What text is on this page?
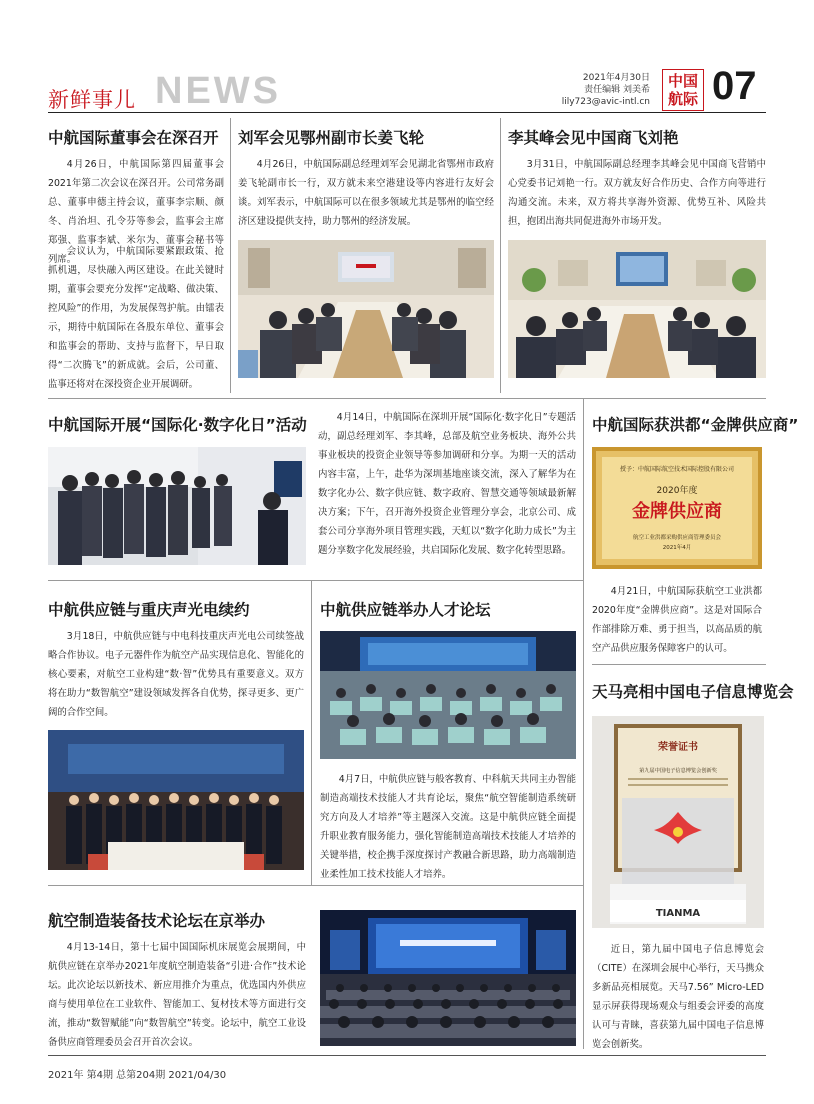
新鲜事儿 NEWS	2021年4月30日
责任编辑 刘美希
lily723@avic-intl.cn
中国
航际 07
中航国际董事会在深召开
4月26日，中航国际第四届董事会2021年第二次会议在深召开。公司常务副总、董事申德主持会议，董事李宗顺、颜冬、肖治坦、孔令芬等参会，监事会主席郑强、监事李斌、米尔为、董事会秘书等列席。
会议认为，中航国际要紧跟政策、抢抓机遇，尽快融入两区建设。在此关键时期，董事会要充分发挥“定战略、做决策、控风险”的作用，为发展保驾护航。由镭表示，期待中航国际在各股东单位、董事会和监事会的帮助、支持与监督下，早日取得“二次腾飞”的新成就。会后，公司董、监事还将对在深投资企业开展调研。
刘军会见鄂州副市长姜飞轮
4月26日，中航国际副总经理刘军会见湖北省鄂州市政府姜飞轮副市长一行，双方就未来空港建设等内容进行友好会谈。刘军表示，中航国际可以在很多领域尤其是鄂州的临空经济区建设提供支持，助力鄂州的经济发展。
李其峰会见中国商飞刘艳
3月31日，中航国际副总经理李其峰会见中国商飞营销中心党委书记刘艳一行。双方就友好合作历史、合作方向等进行沟通交流。未来，双方将共享海外资源、优势互补、风险共担，抱团出海共同促进海外市场开发。
中航国际开展“国际化·数字化日”活动	4月14日，中航国际在深圳开展“国际化·数字化日”专题活动，副总经理刘军、李其峰，总部及航空业务板块、海外公共事业板块的投资企业领导等参加调研和分享。为期一天的活动内容丰富，上午，赴华为深圳基地座谈交流，深入了解华为在数字化办公、数字供应链、数字政府、智慧交通等领域最新解决方案；下午，召开海外投资企业管理分享会，北京公司、成套公司分享海外项目管理实践，天虹以“数字化助力成长”为主题分享数字化发展经验，共启国际化发展、数字化转型思路。
中航国际获洪都“金牌供应商”
授予：中航国际航空技术国际控股有限公司
2020年度
金牌供应商
航空工业洪都采购供应商管理委员会
2021年4月
4月21日，中航国际获航空工业洪都2020年度“金牌供应商”。这是对国际合作部排除万难、勇于担当，以高品质的航空产品供应服务保障客户的认可。
中航供应链与重庆声光电续约
3月18日，中航供应链与中电科技重庆声光电公司续签战略合作协议。电子元器件作为航空产品实现信息化、智能化的核心要素，对航空工业构建“数·智”优势具有重要意义。双方将在助力“数智航空”建设领域发挥各自优势，探寻更多、更广阔的合作空间。
中航供应链举办人才论坛
4月7日，中航供应链与般客教育、中科航天共同主办智能制造高端技术技能人才共育论坛，聚焦“航空智能制造系统研究方向及人才培养”等主题深入交流。这是中航供应链全面提升职业教育服务能力，强化智能制造高端技术技能人才培养的关键举措，校企携手深度探讨产教融合新思路，助力高端制造业柔性加工技术技能人才培养。
天马亮相中国电子信息博览会
荣誉证书
第九届中国电子信息博览会创新奖
TIANMA
近日，第九届中国电子信息博览会（CITE）在深圳会展中心举行，天马携众多新品亮相展览。天马7.56” Micro-LED显示屏获得现场观众与组委会评委的高度认可与青睐，喜获第九届中国电子信息博览会创新奖。
航空制造装备技术论坛在京举办
4月13-14日，第十七届中国国际机床展览会展期间，中航供应链在京举办2021年度航空制造装备“引进·合作”技术论坛。此次论坛以新技术、新应用推介为重点，优选国内外供应商与使用单位在工业软件、智能加工、复材技术等方面进行交流，推动“数智赋能”向“数智航空”转变。论坛中，航空工业设备供应商管理委员会召开首次会议。
2021年 第4期 总第204期 2021/04/30
